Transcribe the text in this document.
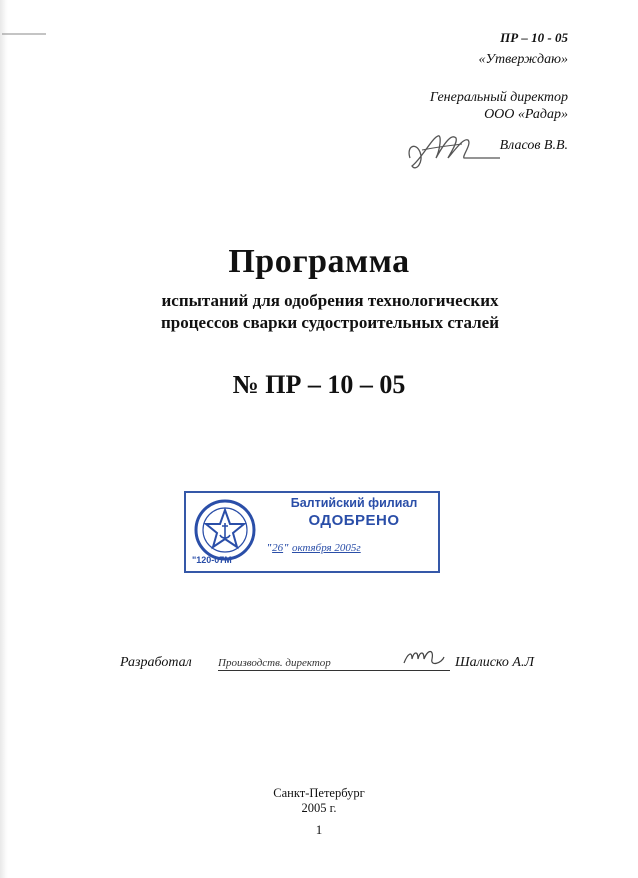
ПР – 10 - 05
«Утверждаю»
Генеральный директор
ООО «Радар»
Власов В.В.
Программа
испытаний для одобрения технологических
процессов сварки судостроительных сталей
№ ПР – 10 – 05
"120-07М"
Балтийский филиал
ОДОБРЕНО
"26" октября 2005г
Разработал Производств. директор	Шалиско А.Л
Санкт-Петербург
2005 г.
1
